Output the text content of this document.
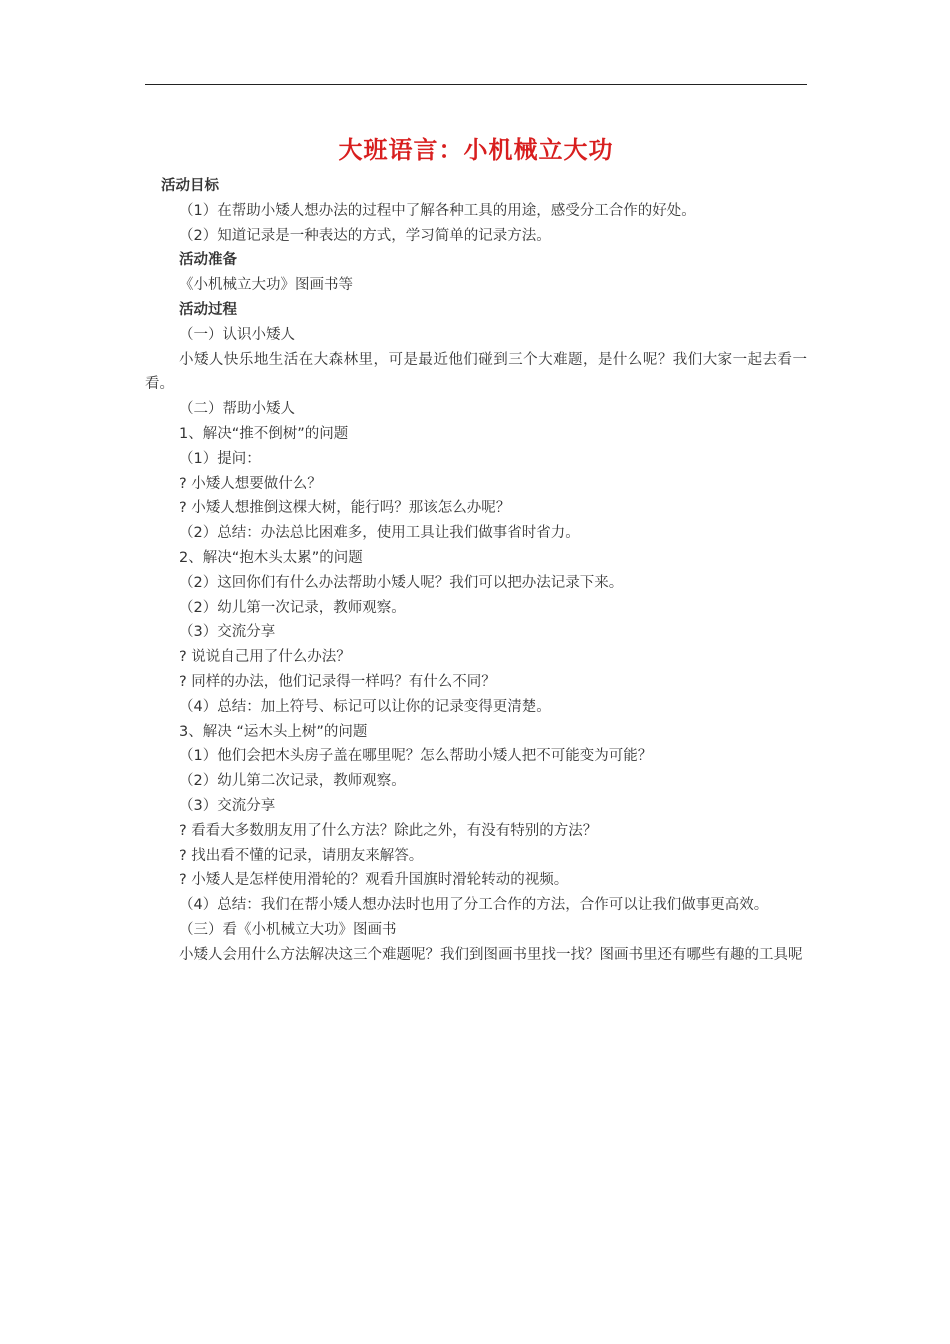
大班语言：小机械立大功

活动目标

（1）在帮助小矮人想办法的过程中了解各种工具的用途，感受分工合作的好处。

（2）知道记录是一种表达的方式，学习简单的记录方法。

活动准备

《小机械立大功》图画书等

活动过程

（一）认识小矮人

小矮人快乐地生活在大森林里，可是最近他们碰到三个大难题，是什么呢？我们大家一起去看一看。

（二）帮助小矮人

1、解决“推不倒树”的问题

（1）提问：

? 小矮人想要做什么？

? 小矮人想推倒这棵大树，能行吗？那该怎么办呢？

（2）总结：办法总比困难多，使用工具让我们做事省时省力。

2、解决“抱木头太累”的问题

（2）这回你们有什么办法帮助小矮人呢？我们可以把办法记录下来。

（2）幼儿第一次记录，教师观察。

（3）交流分享

? 说说自己用了什么办法？

? 同样的办法，他们记录得一样吗？有什么不同？

（4）总结：加上符号、标记可以让你的记录变得更清楚。

3、解决 “运木头上树”的问题

（1）他们会把木头房子盖在哪里呢？怎么帮助小矮人把不可能变为可能？

（2）幼儿第二次记录，教师观察。

（3）交流分享

? 看看大多数朋友用了什么方法？除此之外，有没有特别的方法？

? 找出看不懂的记录，请朋友来解答。

? 小矮人是怎样使用滑轮的？观看升国旗时滑轮转动的视频。

（4）总结：我们在帮小矮人想办法时也用了分工合作的方法，合作可以让我们做事更高效。

（三）看《小机械立大功》图画书

小矮人会用什么方法解决这三个难题呢？我们到图画书里找一找？图画书里还有哪些有趣的工具呢
